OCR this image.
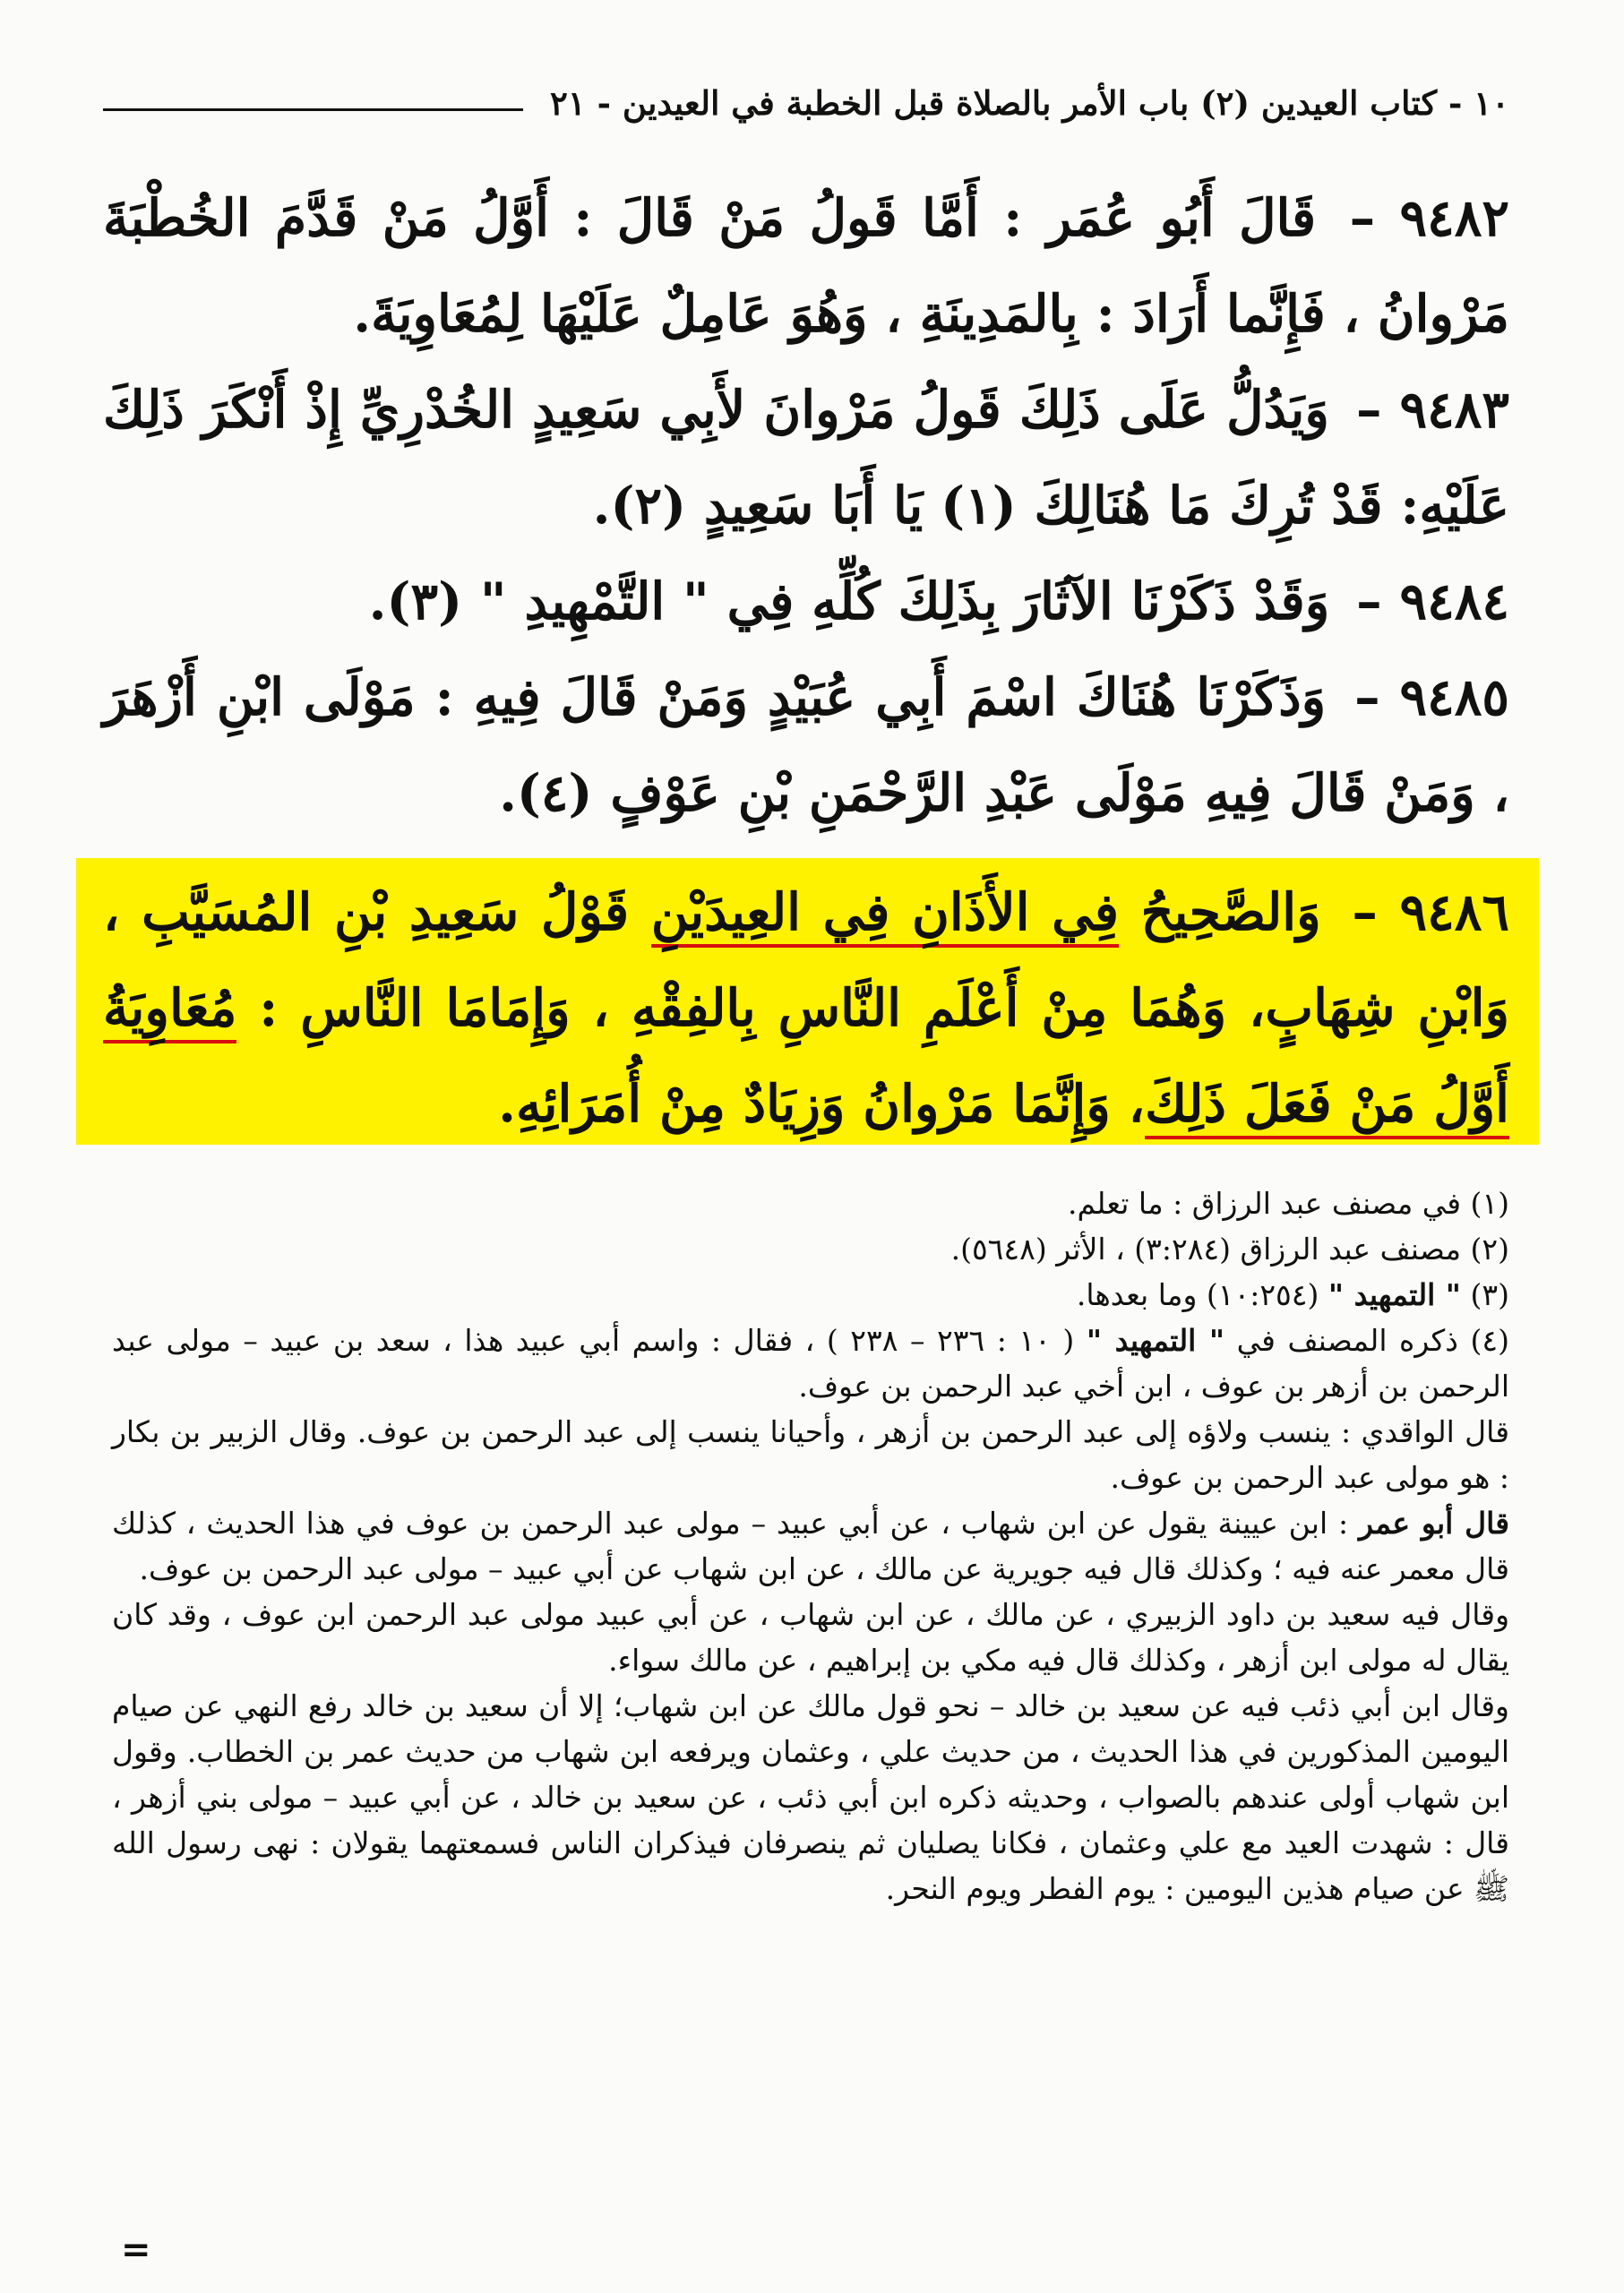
١٠ - كتاب العيدين (٢) باب الأمر بالصلاة قبل الخطبة في العيدين - ٢١

٩٤٨٢ – قَالَ أَبُو عُمَر : أَمَّا قَولُ مَنْ قَالَ : أَوَّلُ مَنْ قَدَّمَ الخُطْبَةَ مَرْوانُ ، فَإِنَّما أَرَادَ : بِالمَدِينَةِ ، وَهُوَ عَامِلٌ عَلَيْهَا لِمُعَاوِيَةَ.

٩٤٨٣ – وَيَدُلُّ عَلَى ذَلِكَ قَولُ مَرْوانَ لأَبِي سَعِيدٍ الخُدْرِيِّ إِذْ أَنْكَرَ ذَلِكَ عَلَيْهِ: قَدْ تُرِكَ مَا هُنَالِكَ (١) يَا أَبَا سَعِيدٍ (٢).

٩٤٨٤ – وَقَدْ ذَكَرْنَا الآثَارَ بِذَلِكَ كُلِّهِ فِي " التَّمْهِيدِ " (٣).

٩٤٨٥ – وَذَكَرْنَا هُنَاكَ اسْمَ أَبِي عُبَيْدٍ وَمَنْ قَالَ فِيهِ : مَوْلَى ابْنِ أَزْهَرَ ، وَمَنْ قَالَ فِيهِ مَوْلَى عَبْدِ الرَّحْمَنِ بْنِ عَوْفٍ (٤).

٩٤٨٦ – وَالصَّحِيحُ فِي الأَذَانِ فِي العِيدَيْنِ قَوْلُ سَعِيدِ بْنِ المُسَيَّبِ ، وَابْنِ شِهَابٍ، وَهُمَا مِنْ أَعْلَمِ النَّاسِ بِالفِقْهِ ، وَإِمَامَا النَّاسِ : مُعَاوِيَةُ أَوَّلُ مَنْ فَعَلَ ذَلِكَ، وَإِنَّمَا مَرْوانُ وَزِيَادٌ مِنْ أُمَرَائِهِ.

(١) في مصنف عبد الرزاق : ما تعلم.

(٢) مصنف عبد الرزاق (٣:٢٨٤) ، الأثر (٥٦٤٨).

(٣) " التمهيد " (١٠:٢٥٤) وما بعدها.

(٤) ذكره المصنف في " التمهيد " ( ١٠ : ٢٣٦ – ٢٣٨ ) ، فقال : واسم أبي عبيد هذا ، سعد بن عبيد – مولى عبد الرحمن بن أزهر بن عوف ، ابن أخي عبد الرحمن بن عوف.

قال الواقدي : ينسب ولاؤه إلى عبد الرحمن بن أزهر ، وأحيانا ينسب إلى عبد الرحمن بن عوف. وقال الزبير بن بكار : هو مولى عبد الرحمن بن عوف.

قال أبو عمر : ابن عيينة يقول عن ابن شهاب ، عن أبي عبيد – مولى عبد الرحمن بن عوف في هذا الحديث ، كذلك قال معمر عنه فيه ؛ وكذلك قال فيه جويرية عن مالك ، عن ابن شهاب عن أبي عبيد – مولى عبد الرحمن بن عوف.

وقال فيه سعيد بن داود الزبيري ، عن مالك ، عن ابن شهاب ، عن أبي عبيد مولى عبد الرحمن ابن عوف ، وقد كان يقال له مولى ابن أزهر ، وكذلك قال فيه مكي بن إبراهيم ، عن مالك سواء.

وقال ابن أبي ذئب فيه عن سعيد بن خالد – نحو قول مالك عن ابن شهاب؛ إلا أن سعيد بن خالد رفع النهي عن صيام اليومين المذكورين في هذا الحديث ، من حديث علي ، وعثمان ويرفعه ابن شهاب من حديث عمر بن الخطاب. وقول ابن شهاب أولى عندهم بالصواب ، وحديثه ذكره ابن أبي ذئب ، عن سعيد بن خالد ، عن أبي عبيد – مولى بني أزهر ، قال : شهدت العيد مع علي وعثمان ، فكانا يصليان ثم ينصرفان فيذكران الناس فسمعتهما يقولان : نهى رسول الله ﷺ عن صيام هذين اليومين : يوم الفطر ويوم النحر.

=
